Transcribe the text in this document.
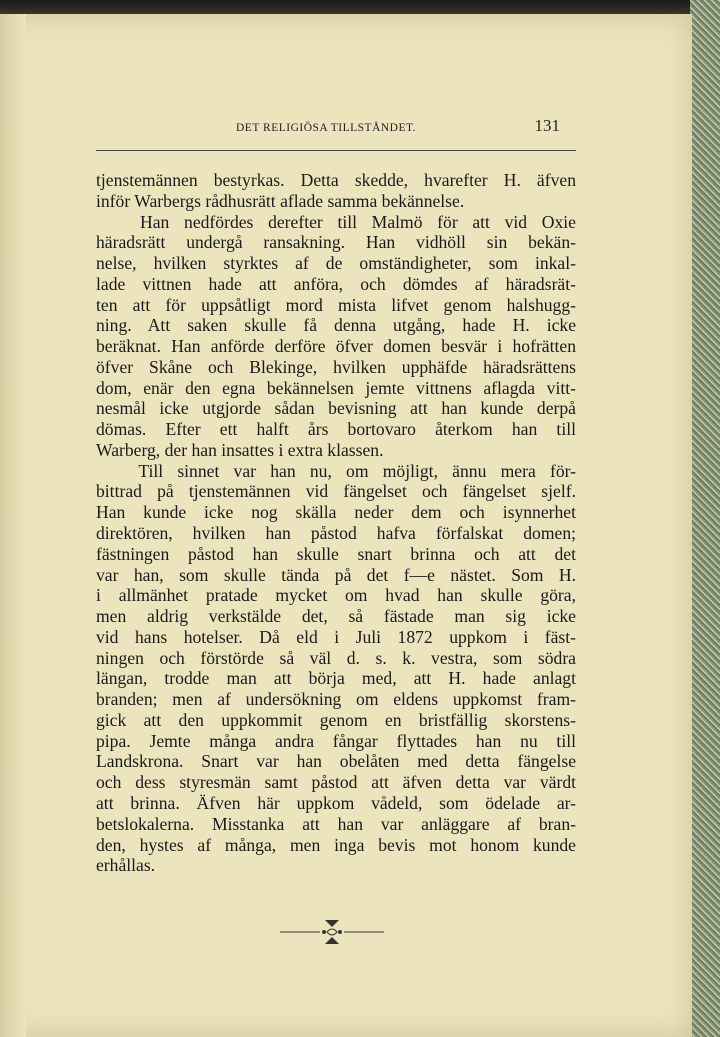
DET RELIGIÖSA TILLSTÅNDET.	131
tjenstemännen bestyrkas. Detta skedde, hvarefter H. äfven
inför Warbergs rådhusrätt aflade samma bekännelse.
Han nedfördes derefter till Malmö för att vid Oxie
häradsrätt undergå ransakning. Han vidhöll sin bekän-
nelse, hvilken styrktes af de omständigheter, som inkal-
lade vittnen hade att anföra, och dömdes af häradsrät-
ten att för uppsåtligt mord mista lifvet genom halshugg-
ning. Att saken skulle få denna utgång, hade H. icke
beräknat. Han anförde derföre öfver domen besvär i hofrätten
öfver Skåne och Blekinge, hvilken upphäfde häradsrättens
dom, enär den egna bekännelsen jemte vittnens aflagda vitt-
nesmål icke utgjorde sådan bevisning att han kunde derpå
dömas. Efter ett halft års bortovaro återkom han till
Warberg, der han insattes i extra klassen.
Till sinnet var han nu, om möjligt, ännu mera för-
bittrad på tjenstemännen vid fängelset och fängelset sjelf.
Han kunde icke nog skälla neder dem och isynnerhet
direktören, hvilken han påstod hafva förfalskat domen;
fästningen påstod han skulle snart brinna och att det
var han, som skulle tända på det f—e nästet. Som H.
i allmänhet pratade mycket om hvad han skulle göra,
men aldrig verkstälde det, så fästade man sig icke
vid hans hotelser. Då eld i Juli 1872 uppkom i fäst-
ningen och förstörde så väl d. s. k. vestra, som södra
längan, trodde man att börja med, att H. hade anlagt
branden; men af undersökning om eldens uppkomst fram-
gick att den uppkommit genom en bristfällig skorstens-
pipa. Jemte många andra fångar flyttades han nu till
Landskrona. Snart var han obelåten med detta fängelse
och dess styresmän samt påstod att äfven detta var värdt
att brinna. Äfven här uppkom vådeld, som ödelade ar-
betslokalerna. Misstanka att han var anläggare af bran-
den, hystes af många, men inga bevis mot honom kunde
erhållas.
